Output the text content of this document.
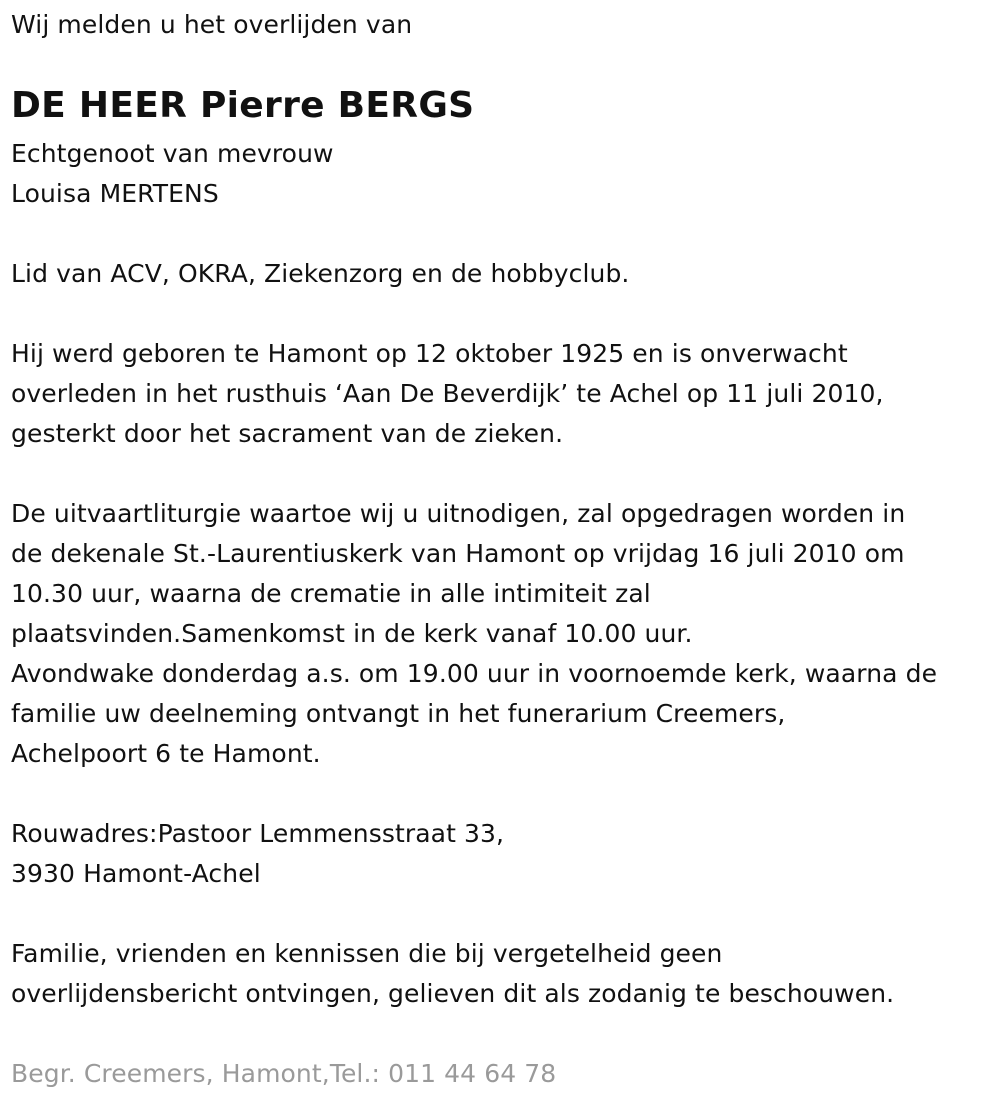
Wij melden u het overlijden van
DE HEER Pierre BERGS
Echtgenoot van mevrouw
Louisa MERTENS
Lid van ACV, OKRA, Ziekenzorg en de hobbyclub.
Hij werd geboren te Hamont op 12 oktober 1925 en is onverwacht
overleden in het rusthuis ‘Aan De Beverdijk’ te Achel op 11 juli 2010,
gesterkt door het sacrament van de zieken.
De uitvaartliturgie waartoe wij u uitnodigen, zal opgedragen worden in
de dekenale St.-Laurentiuskerk van Hamont op vrijdag 16 juli 2010 om
10.30 uur, waarna de crematie in alle intimiteit zal
plaatsvinden.Samenkomst in de kerk vanaf 10.00 uur.
Avondwake donderdag a.s. om 19.00 uur in voornoemde kerk, waarna de
familie uw deelneming ontvangt in het funerarium Creemers,
Achelpoort 6 te Hamont.
Rouwadres:Pastoor Lemmensstraat 33,
3930 Hamont-Achel
Familie, vrienden en kennissen die bij vergetelheid geen
overlijdensbericht ontvingen, gelieven dit als zodanig te beschouwen.
Begr. Creemers, Hamont,Tel.: 011 44 64 78
